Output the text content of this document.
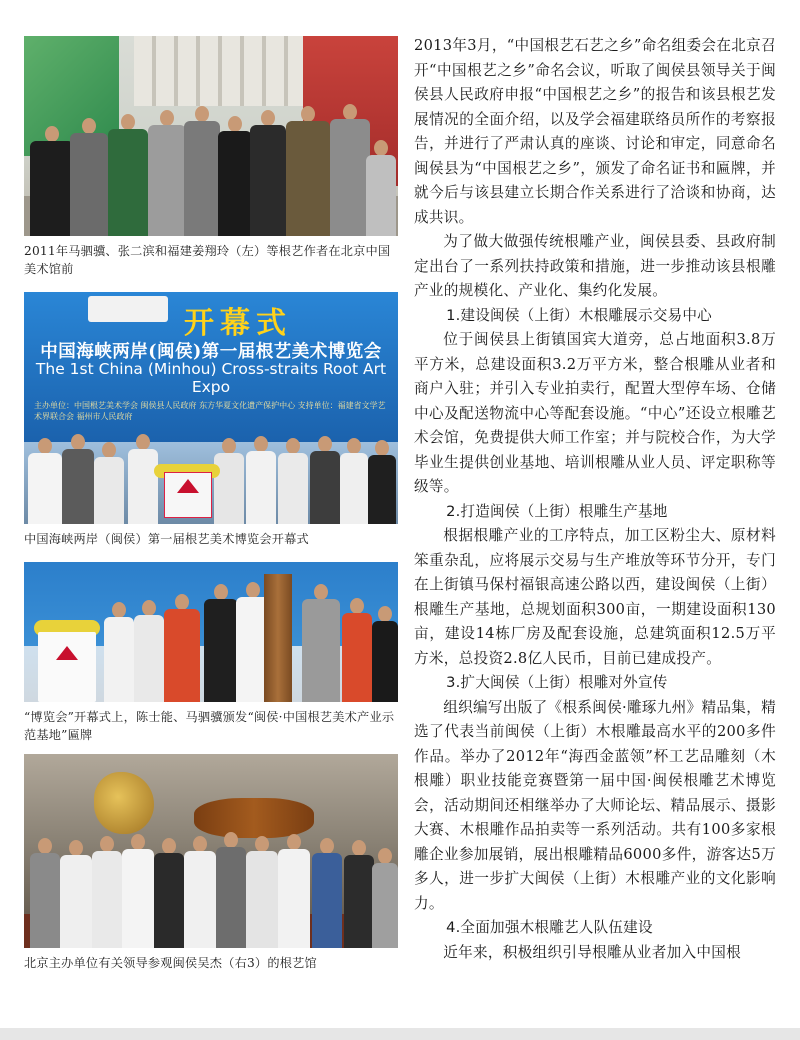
2011年马驷骥、张二滨和福建姜翔玲（左）等根艺作者在北京中国美术馆前

开幕式
中国海峡两岸(闽侯)第一届根艺美术博览会
The 1st China (Minhou) Cross-straits Root Art Expo
主办单位：中国根艺美术学会 闽侯县人民政府 东方华夏文化遗产保护中心 支持单位：福建省文学艺术界联合会 福州市人民政府

中国海峡两岸（闽侯）第一届根艺美术博览会开幕式

“博览会”开幕式上，陈士能、马驷骥颁发“闽侯·中国根艺美术产业示范基地”匾牌

北京主办单位有关领导参观闽侯吴杰（右3）的根艺馆

2013年3月，“中国根艺石艺之乡”命名组委会在北京召开“中国根艺之乡”命名会议，听取了闽侯县领导关于闽侯县人民政府申报“中国根艺之乡”的报告和该县根艺发展情况的全面介绍，以及学会福建联络员所作的考察报告，并进行了严肃认真的座谈、讨论和审定，同意命名闽侯县为“中国根艺之乡”，颁发了命名证书和匾牌，并就今后与该县建立长期合作关系进行了洽谈和协商，达成共识。

为了做大做强传统根雕产业，闽侯县委、县政府制定出台了一系列扶持政策和措施，进一步推动该县根雕产业的规模化、产业化、集约化发展。

1.建设闽侯（上街）木根雕展示交易中心

位于闽侯县上街镇国宾大道旁，总占地面积3.8万平方米，总建设面积3.2万平方米，整合根雕从业者和商户入驻；并引入专业拍卖行，配置大型停车场、仓储中心及配送物流中心等配套设施。“中心”还设立根雕艺术会馆，免费提供大师工作室；并与院校合作，为大学毕业生提供创业基地、培训根雕从业人员、评定职称等级等。

2.打造闽侯（上街）根雕生产基地

根据根雕产业的工序特点，加工区粉尘大、原材料笨重杂乱，应将展示交易与生产堆放等环节分开，专门在上街镇马保村福银高速公路以西，建设闽侯（上街）根雕生产基地，总规划面积300亩，一期建设面积130亩，建设14栋厂房及配套设施，总建筑面积12.5万平方米，总投资2.8亿人民币，目前已建成投产。

3.扩大闽侯（上街）根雕对外宣传

组织编写出版了《根系闽侯·雕琢九州》精品集，精选了代表当前闽侯（上街）木根雕最高水平的200多件作品。举办了2012年“海西金蓝领”杯工艺品雕刻（木根雕）职业技能竞赛暨第一届中国·闽侯根雕艺术博览会，活动期间还相继举办了大师论坛、精品展示、摄影大赛、木根雕作品拍卖等一系列活动。共有100多家根雕企业参加展销，展出根雕精品6000多件，游客达5万多人，进一步扩大闽侯（上街）木根雕产业的文化影响力。

4.全面加强木根雕艺人队伍建设

近年来，积极组织引导根雕从业者加入中国根
